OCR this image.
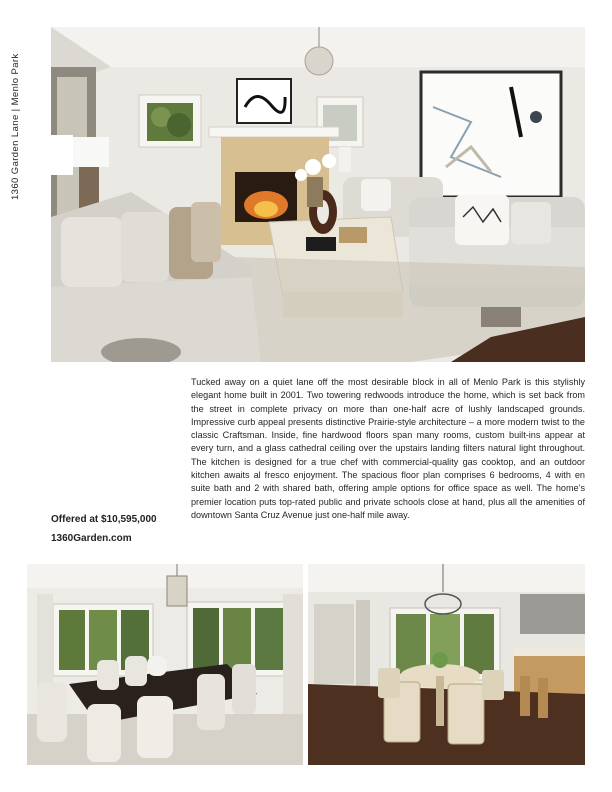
1360 Garden Lane | Menlo Park

Tucked away on a quiet lane off the most desirable block in all of Menlo Park is this stylishly elegant home built in 2001. Two towering redwoods introduce the home, which is set back from the street in complete privacy on more than one-half acre of lushly landscaped grounds. Impressive curb appeal presents distinctive Prairie-style architecture – a more modern twist to the classic Craftsman. Inside, fine hardwood floors span many rooms, custom built-ins appear at every turn, and a glass cathedral ceiling over the upstairs landing filters natural light throughout. The kitchen is designed for a true chef with commercial-quality gas cooktop, and an outdoor kitchen awaits al fresco enjoyment. The spacious floor plan comprises 6 bedrooms, 4 with en suite bath and 2 with shared bath, offering ample options for office space as well. The home’s premier location puts top-rated public and private schools close at hand, plus all the amenities of downtown Santa Cruz Avenue just one-half mile away.

Offered at $10,595,000
1360Garden.com
